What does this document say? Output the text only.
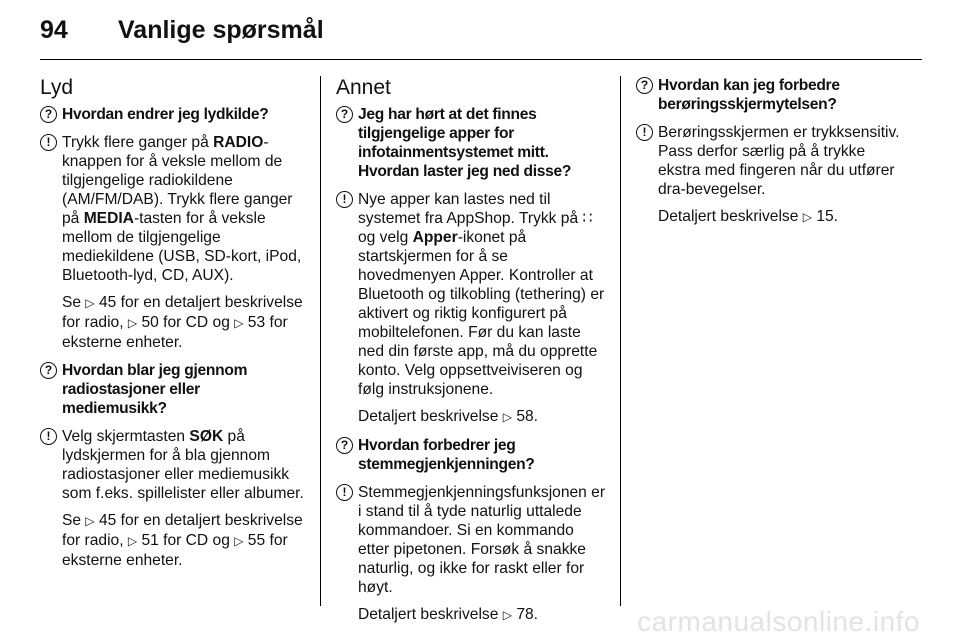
94	Vanlige spørsmål
Lyd
? Hvordan endrer jeg lydkilde?
! Trykk flere ganger på RADIO-knappen for å veksle mellom de tilgjengelige radiokildene (AM/FM/DAB). Trykk flere ganger på MEDIA-tasten for å veksle mellom de tilgjengelige mediekildene (USB, SD-kort, iPod, Bluetooth-lyd, CD, AUX).

Se ▷ 45 for en detaljert beskrivelse for radio, ▷ 50 for CD og ▷ 53 for eksterne enheter.

? Hvordan blar jeg gjennom radiostasjoner eller mediemusikk?
! Velg skjermtasten SØK på lydskjermen for å bla gjennom radiostasjoner eller mediemusikk som f.eks. spillelister eller albumer.

Se ▷ 45 for en detaljert beskrivelse for radio, ▷ 51 for CD og ▷ 55 for eksterne enheter.

Annet
? Jeg har hørt at det finnes tilgjengelige apper for infotainmentsystemet mitt. Hvordan laster jeg ned disse?
! Nye apper kan lastes ned til systemet fra AppShop. Trykk på ∷ og velg Apper-ikonet på startskjermen for å se hovedmenyen Apper. Kontroller at Bluetooth og tilkobling (tethering) er aktivert og riktig konfigurert på mobiltelefonen. Før du kan laste ned din første app, må du opprette konto. Velg oppsettveiviseren og følg instruksjonene.

Detaljert beskrivelse ▷ 58.

? Hvordan forbedrer jeg stemmegjenkjenningen?
! Stemmegjenkjenningsfunksjonen er i stand til å tyde naturlig uttalede kommandoer. Si en kommando etter pipetonen. Forsøk å snakke naturlig, og ikke for raskt eller for høyt.

Detaljert beskrivelse ▷ 78.

? Hvordan kan jeg forbedre berøringsskjermytelsen?
! Berøringsskjermen er trykksensitiv. Pass derfor særlig på å trykke ekstra med fingeren når du utfører dra-bevegelser.

Detaljert beskrivelse ▷ 15.

carmanualsonline.info
